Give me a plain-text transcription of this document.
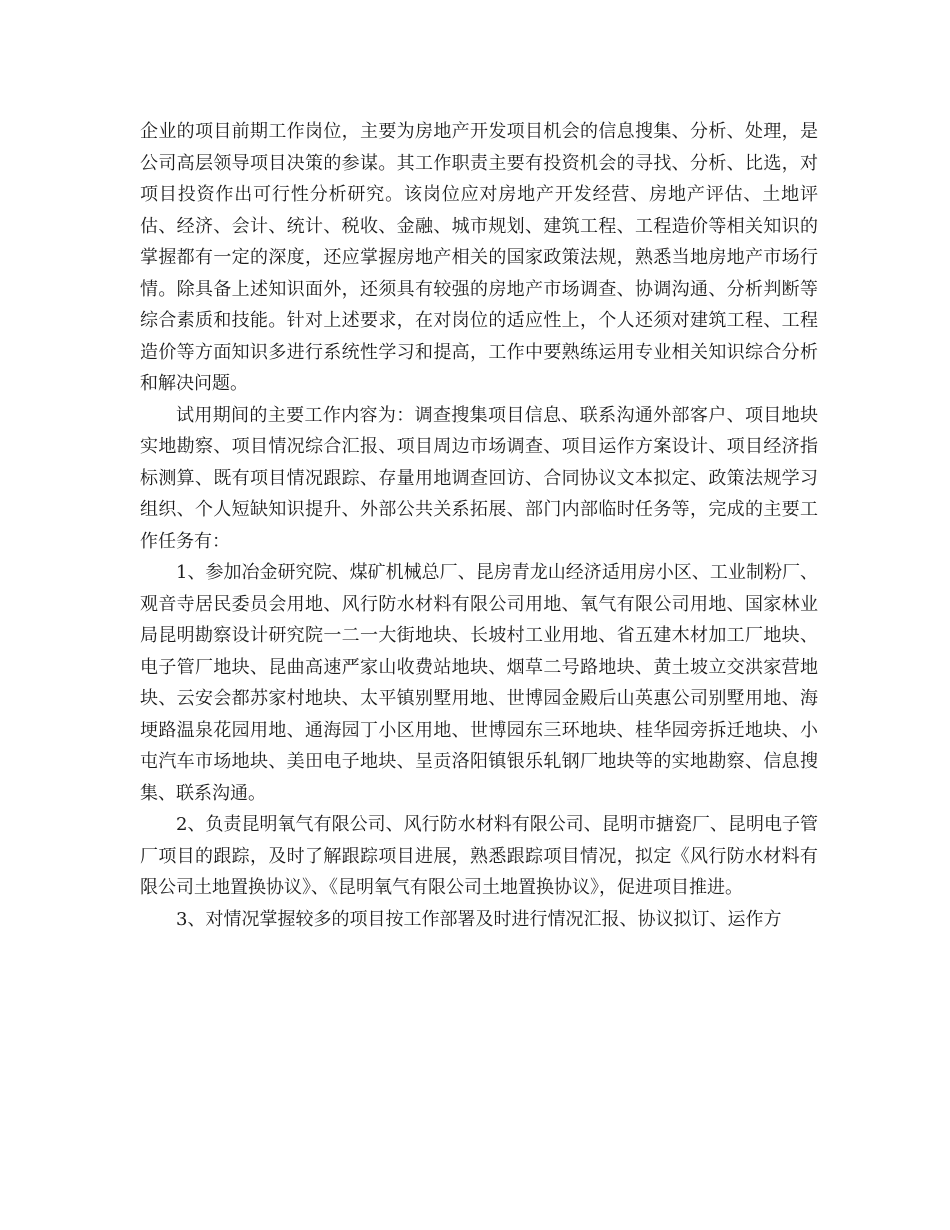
企业的项目前期工作岗位，主要为房地产开发项目机会的信息搜集、分析、处理，是公司高层领导项目决策的参谋。其工作职责主要有投资机会的寻找、分析、比选，对项目投资作出可行性分析研究。该岗位应对房地产开发经营、房地产评估、土地评估、经济、会计、统计、税收、金融、城市规划、建筑工程、工程造价等相关知识的掌握都有一定的深度，还应掌握房地产相关的国家政策法规，熟悉当地房地产市场行情。除具备上述知识面外，还须具有较强的房地产市场调查、协调沟通、分析判断等综合素质和技能。针对上述要求，在对岗位的适应性上，个人还须对建筑工程、工程造价等方面知识多进行系统性学习和提高，工作中要熟练运用专业相关知识综合分析和解决问题。

试用期间的主要工作内容为：调查搜集项目信息、联系沟通外部客户、项目地块实地勘察、项目情况综合汇报、项目周边市场调查、项目运作方案设计、项目经济指标测算、既有项目情况跟踪、存量用地调查回访、合同协议文本拟定、政策法规学习组织、个人短缺知识提升、外部公共关系拓展、部门内部临时任务等，完成的主要工作任务有：

1、参加冶金研究院、煤矿机械总厂、昆房青龙山经济适用房小区、工业制粉厂、观音寺居民委员会用地、风行防水材料有限公司用地、氧气有限公司用地、国家林业局昆明勘察设计研究院一二一大街地块、长坡村工业用地、省五建木材加工厂地块、电子管厂地块、昆曲高速严家山收费站地块、烟草二号路地块、黄土坡立交洪家营地块、云安会都苏家村地块、太平镇别墅用地、世博园金殿后山英惠公司别墅用地、海埂路温泉花园用地、通海园丁小区用地、世博园东三环地块、桂华园旁拆迁地块、小屯汽车市场地块、美田电子地块、呈贡洛阳镇银乐轧钢厂地块等的实地勘察、信息搜集、联系沟通。

2、负责昆明氧气有限公司、风行防水材料有限公司、昆明市搪瓷厂、昆明电子管厂项目的跟踪，及时了解跟踪项目进展，熟悉跟踪项目情况，拟定《风行防水材料有限公司土地置换协议》、《昆明氧气有限公司土地置换协议》，促进项目推进。

3、对情况掌握较多的项目按工作部署及时进行情况汇报、协议拟订、运作方
